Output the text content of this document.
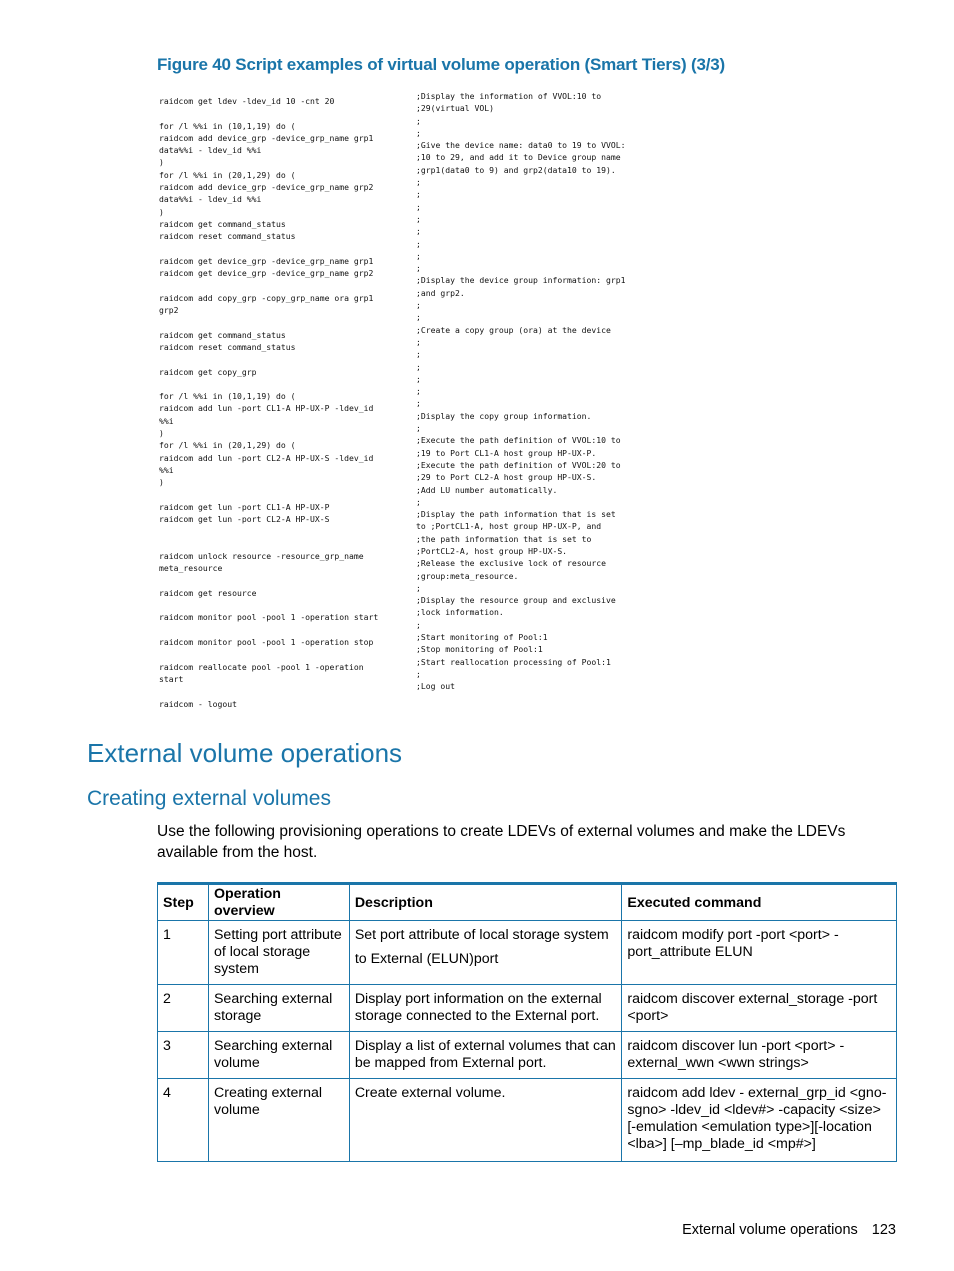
Figure 40 Script examples of virtual volume operation (Smart Tiers) (3/3)
raidcom get ldev -ldev_id 10 -cnt 20

for /l %%i in (10,1,19) do (
raidcom add device_grp -device_grp_name grp1
data%%i - ldev_id %%i
)
for /l %%i in (20,1,29) do (
raidcom add device_grp -device_grp_name grp2
data%%i - ldev_id %%i
)
raidcom get command_status
raidcom reset command_status

raidcom get device_grp -device_grp_name grp1
raidcom get device_grp -device_grp_name grp2

raidcom add copy_grp -copy_grp_name ora grp1
grp2

raidcom get command_status
raidcom reset command_status

raidcom get copy_grp

for /l %%i in (10,1,19) do (
raidcom add lun -port CL1-A HP-UX-P -ldev_id
%%i
)
for /l %%i in (20,1,29) do (
raidcom add lun -port CL2-A HP-UX-S -ldev_id
%%i
)

raidcom get lun -port CL1-A HP-UX-P
raidcom get lun -port CL2-A HP-UX-S

raidcom unlock resource -resource_grp_name
meta_resource

raidcom get resource

raidcom monitor pool -pool 1 -operation start

raidcom monitor pool -pool 1 -operation stop

raidcom reallocate pool -pool 1 -operation
start

raidcom - logout

;Display the information of VVOL:10 to
;29(virtual VOL)
;
;
;Give the device name: data0 to 19 to VVOL:
;10 to 29, and add it to Device group name
;grp1(data0 to 9) and grp2(data10 to 19).
;
;
;
;
;
;
;
;
;Display the device group information: grp1
;and grp2.
;
;
;Create a copy group (ora) at the device
;
;
;
;
;
;
;Display the copy group information.
;
;Execute the path definition of VVOL:10 to
;19 to Port CL1-A host group HP-UX-P.
;Execute the path definition of VVOL:20 to
;29 to Port CL2-A host group HP-UX-S.
;Add LU number automatically.
;
;Display the path information that is set
to ;PortCL1-A, host group HP-UX-P, and
;the path information that is set to
;PortCL2-A, host group HP-UX-S.
;Release the exclusive lock of resource
;group:meta_resource.
;
;Display the resource group and exclusive
;lock information.
;
;Start monitoring of Pool:1
;Stop monitoring of Pool:1
;Start reallocation processing of Pool:1
;
;Log out

External volume operations
Creating external volumes

Use the following provisioning operations to create LDEVs of external volumes and make the LDEVs available from the host.

Step	Operation overview	Description	Executed command
1	Setting port attribute of local storage system	Set port attribute of local storage system to External (ELUN)port	raidcom modify port -port <port> -port_attribute ELUN
2	Searching external storage	Display port information on the external storage connected to the External port.	raidcom discover external_storage -port <port>
3	Searching external volume	Display a list of external volumes that can be mapped from External port.	raidcom discover lun -port <port> -external_wwn <wwn strings>
4	Creating external volume	Create external volume.	raidcom add ldev - external_grp_id <gno-sgno> -ldev_id <ldev#> -capacity <size> [-emulation <emulation type>][-location <lba>] [–mp_blade_id <mp#>]
External volume operations 123
